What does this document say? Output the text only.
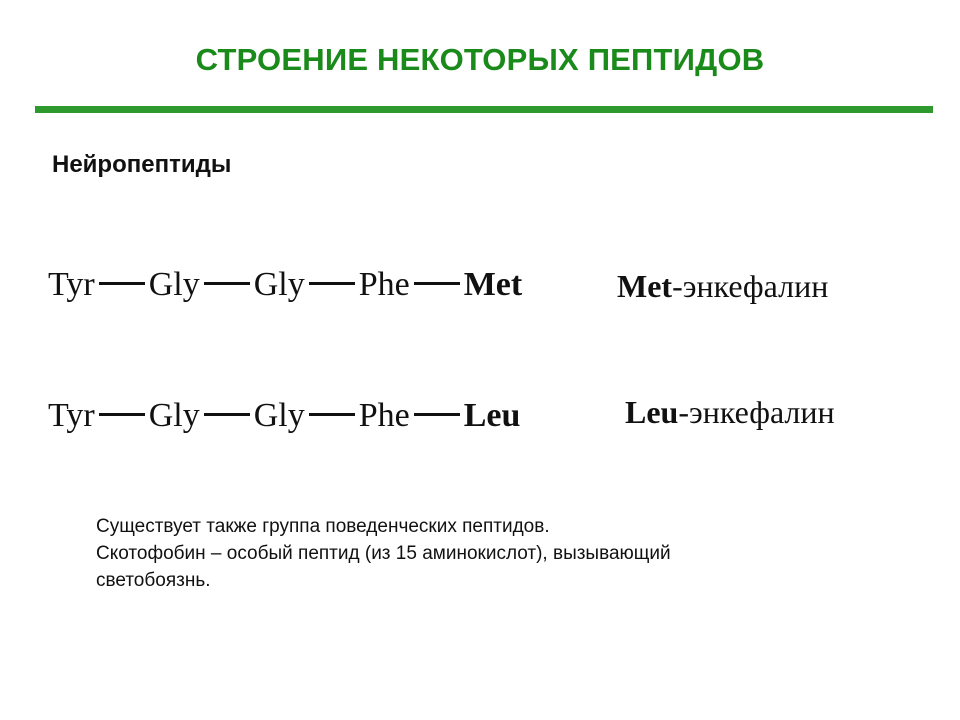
СТРОЕНИЕ НЕКОТОРЫХ ПЕПТИДОВ
Нейропептиды
Tyr Gly Gly Phe Met	Met-энкефалин
Tyr Gly Gly Phe Leu	Leu-энкефалин
Существует также группа поведенческих пептидов.
Скотофобин – особый пептид (из 15 аминокислот), вызывающий
светобоязнь.
